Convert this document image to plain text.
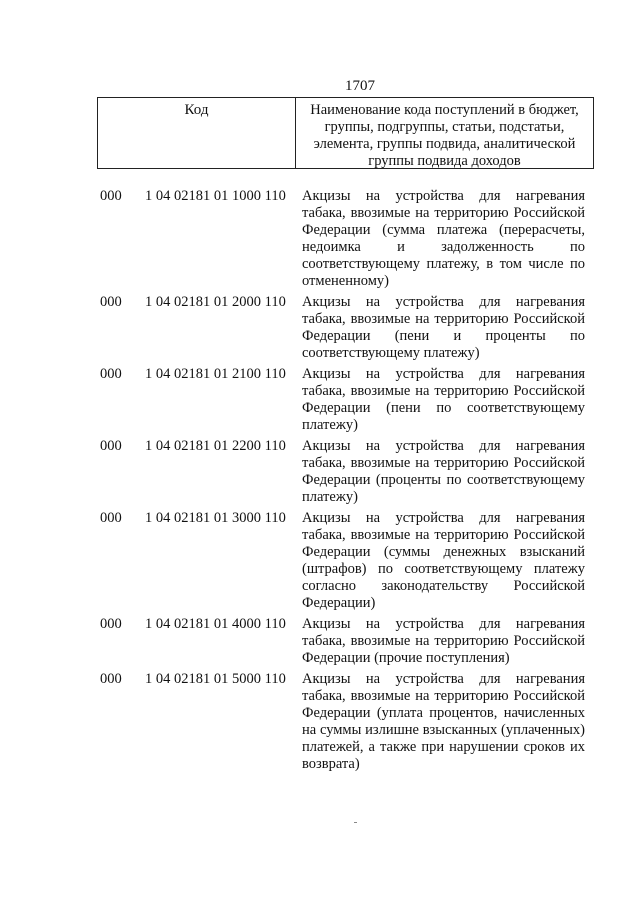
1707
Код	Наименование кода поступлений в бюджет, группы, подгруппы, статьи, подстатьи, элемента, группы подвида, аналитической группы подвида доходов
000	1 04 02181 01 1000 110	Акцизы на устройства для нагревания табака, ввозимые на территорию Российской Федерации (сумма платежа (перерасчеты, недоимка и задолженность по соответствующему платежу, в том числе по отмененному)
000	1 04 02181 01 2000 110	Акцизы на устройства для нагревания табака, ввозимые на территорию Российской Федерации (пени и проценты по соответствующему платежу)
000	1 04 02181 01 2100 110	Акцизы на устройства для нагревания табака, ввозимые на территорию Российской Федерации (пени по соответствующему платежу)
000	1 04 02181 01 2200 110	Акцизы на устройства для нагревания табака, ввозимые на территорию Российской Федерации (проценты по соответствующему платежу)
000	1 04 02181 01 3000 110	Акцизы на устройства для нагревания табака, ввозимые на территорию Российской Федерации (суммы денежных взысканий (штрафов) по соответствующему платежу согласно законодательству Российской Федерации)
000	1 04 02181 01 4000 110	Акцизы на устройства для нагревания табака, ввозимые на территорию Российской Федерации (прочие поступления)
000	1 04 02181 01 5000 110	Акцизы на устройства для нагревания табака, ввозимые на территорию Российской Федерации (уплата процентов, начисленных на суммы излишне взысканных (уплаченных) платежей, а также при нарушении сроков их возврата)
